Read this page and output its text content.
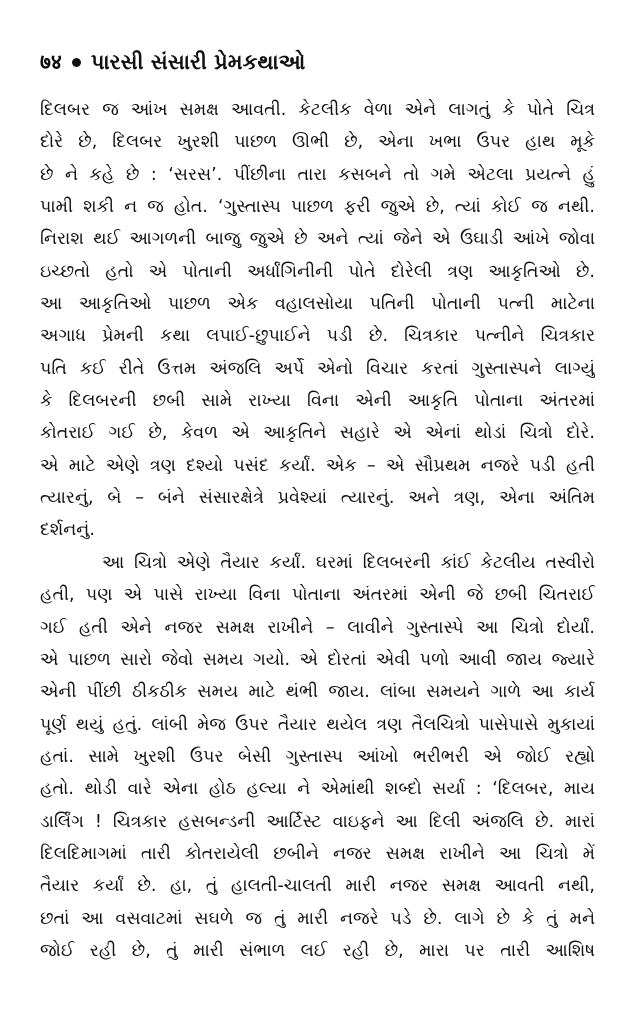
७४ પારસી સંસારી પ્રેમકથાઓ
દિલબર જ આંખ સમક્ષ આવતી. કેટલીક વેળા એને લાગતું કે પોતે ચિત્ર
દોરે છે, દિલબર ખુરશી પાછળ ઊભી છે, એના ખભા ઉપર હાથ મૂકે
છે ને કહે છે : ‘સરસ’. પીંછીના તારા કસબને તો ગમે એટલા પ્રયત્ને હું
પામી શકી ન જ હોત. ‘ગુસ્તાસ્પ પાછળ ફરી જુએ છે, ત્યાં કોઈ જ નથી.
નિરાશ થઈ આગળની બાજુ જુએ છે અને ત્યાં જેને એ ઉઘાડી આંખે જોવા
ઇચ્છતો હતો એ પોતાની અર્ધાંગિનીની પોતે દોરેલી ત્રણ આકૃતિઓ છે.
આ આકૃતિઓ પાછળ એક વહાલસોયા પતિની પોતાની પત્ની માટેના
અગાધ પ્રેમની કથા લપાઈ-છુપાઈને પડી છે. ચિત્રકાર પત્નીને ચિત્રકાર
પતિ કઈ રીતે ઉત્તમ અંજલિ અર્પે એનો વિચાર કરતાં ગુસ્તાસ્પને લાગ્યું
કે દિલબરની છબી સામે રાખ્યા વિના એની આકૃતિ પોતાના અંતરમાં
કોતરાઈ ગઈ છે, કેવળ એ આકૃતિને સહારે એ એનાં થોડાં ચિત્રો દોરે.
એ માટે એણે ત્રણ દશ્યો પસંદ કર્યાં. એક – એ સૌપ્રથમ નજરે પડી હતી
ત્યારનું, બે – બંને સંસારક્ષેત્રે પ્રવેશ્યાં ત્યારનું. અને ત્રણ, એના અંતિમ
દર્શનનું.
આ ચિત્રો એણે તૈયાર કર્યાં. ઘરમાં દિલબરની કાંઈ કેટલીય તસ્વીરો
હતી, પણ એ પાસે રાખ્યા વિના પોતાના અંતરમાં એની જે છબી ચિતરાઈ
ગઈ હતી એને નજર સમક્ષ રાખીને – લાવીને ગુસ્તાસ્પે આ ચિત્રો દોર્યાં.
એ પાછળ સારો જેવો સમય ગયો. એ દોરતાં એવી પળો આવી જાય જ્યારે
એની પીંછી ઠીકઠીક સમય માટે થંભી જાય. લાંબા સમયને ગાળે આ કાર્ય
પૂર્ણ થયું હતું. લાંબી મેજ ઉપર તૈયાર થયેલ ત્રણ તૈલચિત્રો પાસેપાસે મુકાયાં
હતાં. સામે ખુરશી ઉપર બેસી ગુસ્તાસ્પ આંખો ભરીભરી એ જોઈ રહ્યો
હતો. થોડી વારે એના હોઠ હલ્યા ને એમાંથી શબ્દો સર્યા : ‘દિલબર, માય
ડાર્લિંગ ! ચિત્રકાર હસબન્ડની આર્ટિસ્ટ વાઇફને આ દિલી અંજલિ છે. મારાં
દિલદિમાગમાં તારી કોતરાયેલી છબીને નજર સમક્ષ રાખીને આ ચિત્રો મેં
તૈયાર કર્યાં છે. હા, તું હાલતી-ચાલતી મારી નજર સમક્ષ આવતી નથી,
છતાં આ વસવાટમાં સઘળે જ તું મારી નજરે પડે છે. લાગે છે કે તું મને
જોઈ રહી છે, તું મારી સંભાળ લઈ રહી છે, મારા પર તારી આશિષ
